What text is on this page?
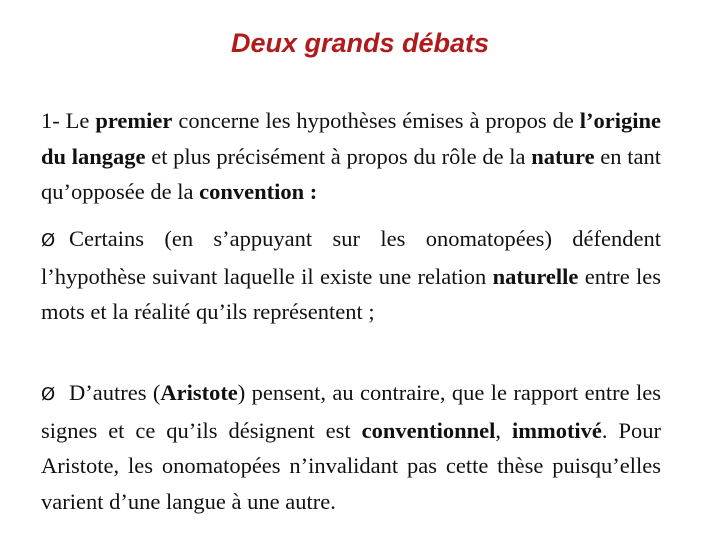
Deux grands débats

1- Le premier concerne les hypothèses émises à propos de l’origine du langage et plus précisément à propos du rôle de la nature en tant qu’opposée de la convention :

Ø Certains (en s’appuyant sur les onomatopées) défendent l’hypothèse suivant laquelle il existe une relation naturelle entre les mots et la réalité qu’ils représentent ;

Ø D’autres (Aristote) pensent, au contraire, que le rapport entre les signes et ce qu’ils désignent est conventionnel, immotivé. Pour Aristote, les onomatopées n’invalidant pas cette thèse puisqu’elles varient d’une langue à une autre.
